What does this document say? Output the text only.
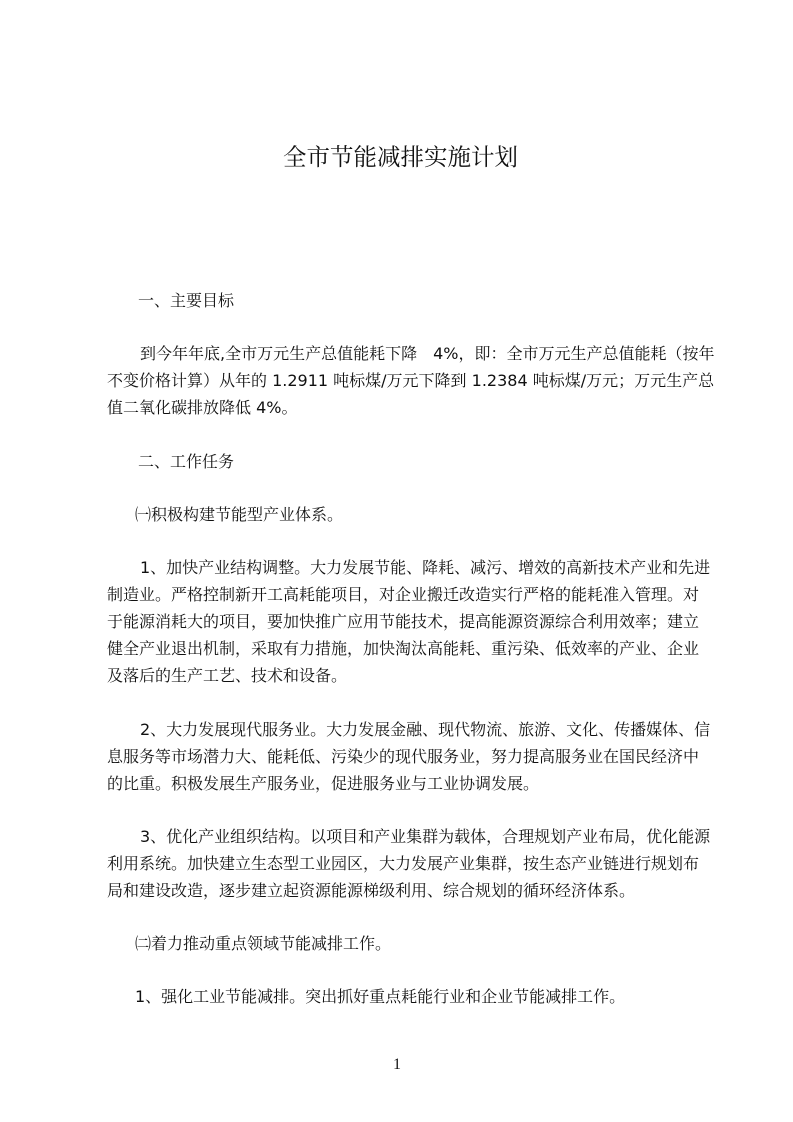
全市节能减排实施计划
一、主要目标
到今年年底,全市万元生产总值能耗下降　4%，即：全市万元生产总值能耗（按年
不变价格计算）从年的 1.2911 吨标煤/万元下降到 1.2384 吨标煤/万元；万元生产总
值二氧化碳排放降低 4%。
二、工作任务
㈠积极构建节能型产业体系。
1、加快产业结构调整。大力发展节能、降耗、减污、增效的高新技术产业和先进
制造业。严格控制新开工高耗能项目，对企业搬迁改造实行严格的能耗准入管理。对
于能源消耗大的项目，要加快推广应用节能技术，提高能源资源综合利用效率；建立
健全产业退出机制，采取有力措施，加快淘汰高能耗、重污染、低效率的产业、企业
及落后的生产工艺、技术和设备。
2、大力发展现代服务业。大力发展金融、现代物流、旅游、文化、传播媒体、信
息服务等市场潜力大、能耗低、污染少的现代服务业，努力提高服务业在国民经济中
的比重。积极发展生产服务业，促进服务业与工业协调发展。
3、优化产业组织结构。以项目和产业集群为载体，合理规划产业布局，优化能源
利用系统。加快建立生态型工业园区，大力发展产业集群，按生态产业链进行规划布
局和建设改造，逐步建立起资源能源梯级利用、综合规划的循环经济体系。
㈡着力推动重点领域节能减排工作。
1、强化工业节能减排。突出抓好重点耗能行业和企业节能减排工作。
1
